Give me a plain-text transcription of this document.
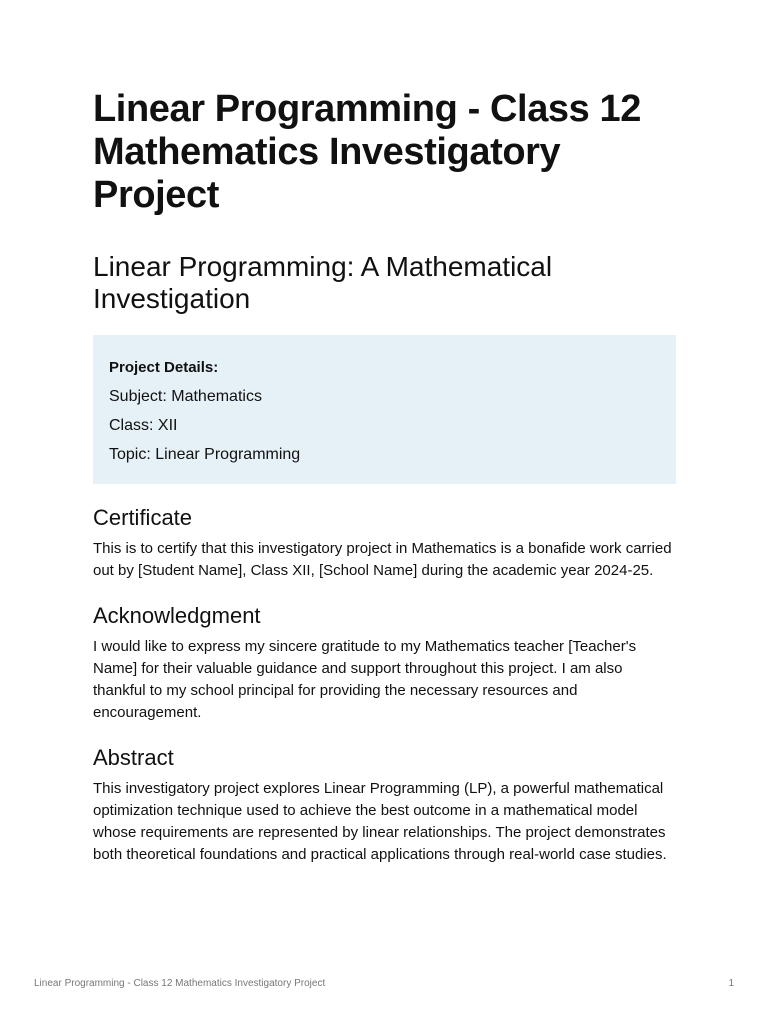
Linear Programming - Class 12 Mathematics Investigatory Project
Linear Programming: A Mathematical Investigation
Project Details:
Subject: Mathematics
Class: XII
Topic: Linear Programming
Certificate

This is to certify that this investigatory project in Mathematics is a bonafide work carried out by [Student Name], Class XII, [School Name] during the academic year 2024-25.

Acknowledgment

I would like to express my sincere gratitude to my Mathematics teacher [Teacher's Name] for their valuable guidance and support throughout this project. I am also thankful to my school principal for providing the necessary resources and encouragement.

Abstract

This investigatory project explores Linear Programming (LP), a powerful mathematical optimization technique used to achieve the best outcome in a mathematical model whose requirements are represented by linear relationships. The project demonstrates both theoretical foundations and practical applications through real-world case studies.

Linear Programming - Class 12 Mathematics Investigatory Project	1
